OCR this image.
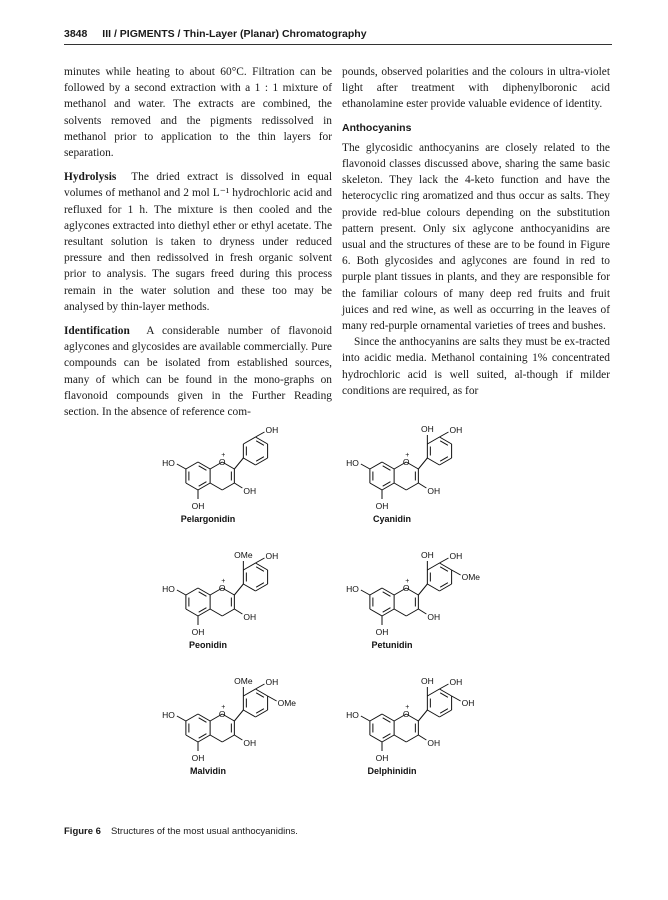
3848 III / PIGMENTS / Thin-Layer (Planar) Chromatography

minutes while heating to about 60°C. Filtration can be followed by a second extraction with a 1 : 1 mixture of methanol and water. The extracts are combined, the solvents removed and the pigments redissolved in methanol prior to application to the thin layers for separation.

Hydrolysis The dried extract is dissolved in equal volumes of methanol and 2 mol L⁻¹ hydrochloric acid and refluxed for 1 h. The mixture is then cooled and the aglycones extracted into diethyl ether or ethyl acetate. The resultant solution is taken to dryness under reduced pressure and then redissolved in fresh organic solvent prior to analysis. The sugars freed during this process remain in the water solution and these too may be analysed by thin-layer methods.

Identification A considerable number of flavonoid aglycones and glycosides are available commercially. Pure compounds can be isolated from established sources, many of which can be found in the mono-graphs on flavonoid compounds given in the Further Reading section. In the absence of reference com-

pounds, observed polarities and the colours in ultra-violet light after treatment with diphenylboronic acid ethanolamine ester provide valuable evidence of identity.

Anthocyanins

The glycosidic anthocyanins are closely related to the flavonoid classes discussed above, sharing the same basic skeleton. They lack the 4-keto function and have the heterocyclic ring aromatized and thus occur as salts. They provide red-blue colours depending on the substitution pattern present. Only six aglycone anthocyanidins are usual and the structures of these are to be found in Figure 6. Both glycosides and aglycones are found in red to purple plant tissues in plants, and they are responsible for the familiar colours of many deep red fruits and fruit juices and red wine, as well as occurring in the leaves of many red-purple ornamental varieties of trees and bushes.

Since the anthocyanins are salts they must be ex-tracted into acidic media. Methanol containing 1% concentrated hydrochloric acid is well suited, al-though if milder conditions are required, as for

HO
OH
OH
O
+
OH
Pelargonidin
HO
OH
OH
O
+
OH
OH
Cyanidin
HO
OH
OH
O
+
OH
OMe
Peonidin
HO
OH
OH
O
+
OH
OH
OMe
Petunidin
HO
OH
OH
O
+
OH
OMe
OMe
Malvidin
HO
OH
OH
O
+
OH
OH
OH
Delphinidin
Figure 6 Structures of the most usual anthocyanidins.
